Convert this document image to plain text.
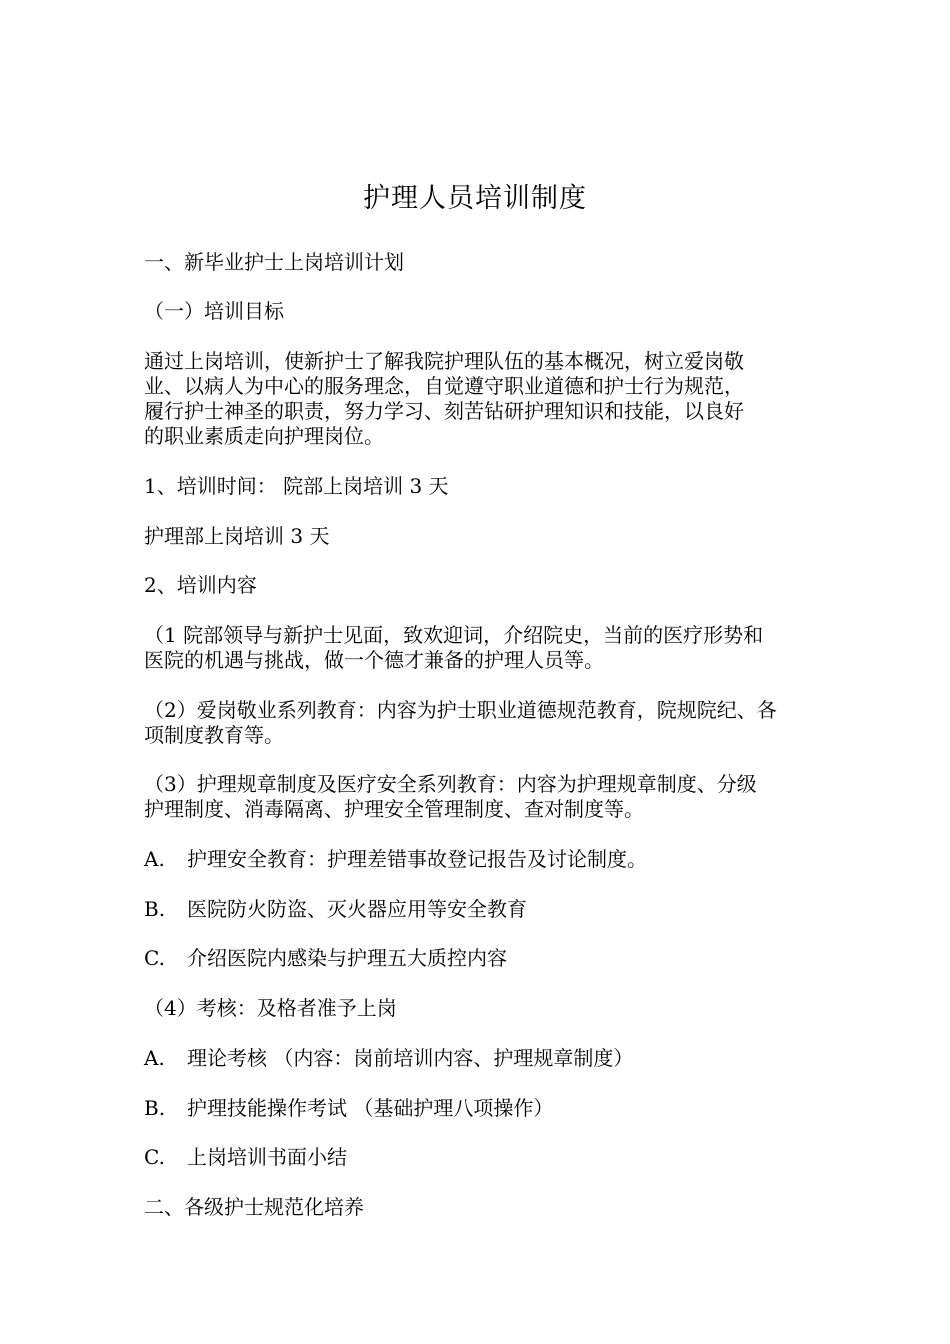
护理人员培训制度
一、新毕业护士上岗培训计划
（一）培训目标
通过上岗培训，使新护士了解我院护理队伍的基本概况，树立爱岗敬
业、以病人为中心的服务理念，自觉遵守职业道德和护士行为规范，
履行护士神圣的职责，努力学习、刻苦钻研护理知识和技能，以良好
的职业素质走向护理岗位。
1、培训时间： 院部上岗培训 3 天
护理部上岗培训 3 天
2、培训内容
（1 院部领导与新护士见面，致欢迎词，介绍院史，当前的医疗形势和
医院的机遇与挑战，做一个德才兼备的护理人员等。
（2）爱岗敬业系列教育：内容为护士职业道德规范教育，院规院纪、各
项制度教育等。
（3）护理规章制度及医疗安全系列教育：内容为护理规章制度、分级
护理制度、消毒隔离、护理安全管理制度、查对制度等。
A. 护理安全教育：护理差错事故登记报告及讨论制度。
B. 医院防火防盗、灭火器应用等安全教育
C. 介绍医院内感染与护理五大质控内容
（4）考核：及格者准予上岗
A. 理论考核 （内容：岗前培训内容、护理规章制度）
B. 护理技能操作考试 （基础护理八项操作）
C. 上岗培训书面小结
二、各级护士规范化培养
